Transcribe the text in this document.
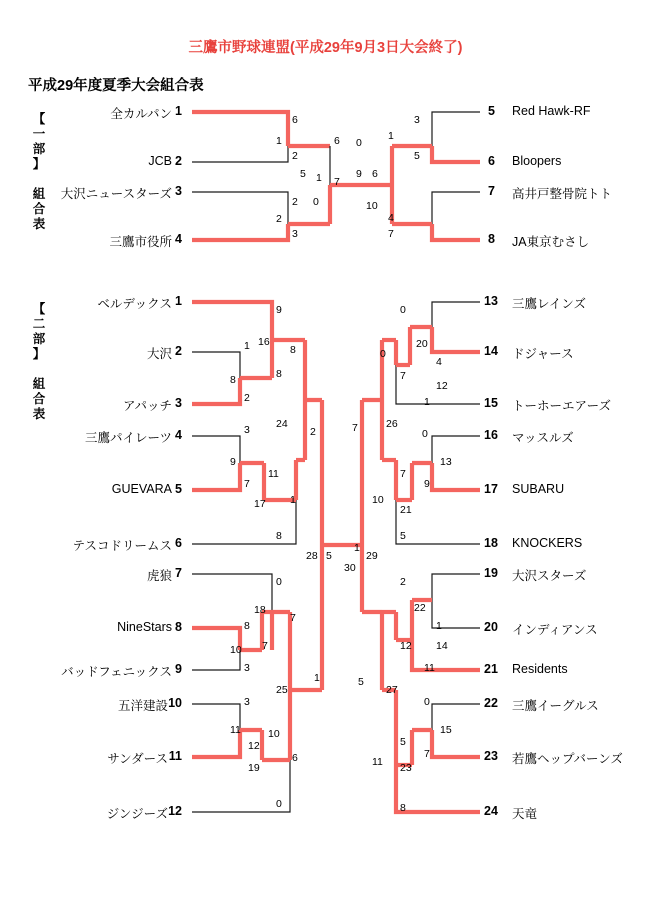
三鷹市野球連盟(平成29年9月3日大会終了)
平成29年度夏季大会組合表
【
一
部
】

組
合
表
【
二
部
】

組
合
表
全カルパン 1
JCB 2
大沢ニュースターズ 3
三鷹市役所 4
5 Red Hawk-RF
6 Bloopers
7 高井戸整骨院トト
8 JA東京むさし
6
1
2
6
2
2
0
3
5 1 7
9 6
10
0
4
7
1
3
5
ベルデックス 1
大沢 2
アパッチ 3
三鷹パイレーツ 4
GUEVARA 5
テスコドリームス 6
虎狼 7
NineStars 8
バッドフェニックス 9
五洋建設 10
サンダース 11
ジンジーズ 12
13 三鷹レインズ
14 ドジャース
15 トーホーエアーズ
16 マッスルズ
17 SUBARU
18 KNOCKERS
19 大沢スターズ
20 インディアンス
21 Residents
22 三鷹イーグルス
23 若鷹ヘップバーンズ
24 天竜
9
1 16
8
8
8
2
24
3
9
11
7
17 1
8
2
0
18
8
7
10 7
3
25
3
11
12
10
19
6
0
1
0
20
0
4
7
12
1
26
7	0
13
7
9
10
21
5
2
22
1
12 14
11
5
27
0
15
5
7
11 23
8
29
30
28 5
1
